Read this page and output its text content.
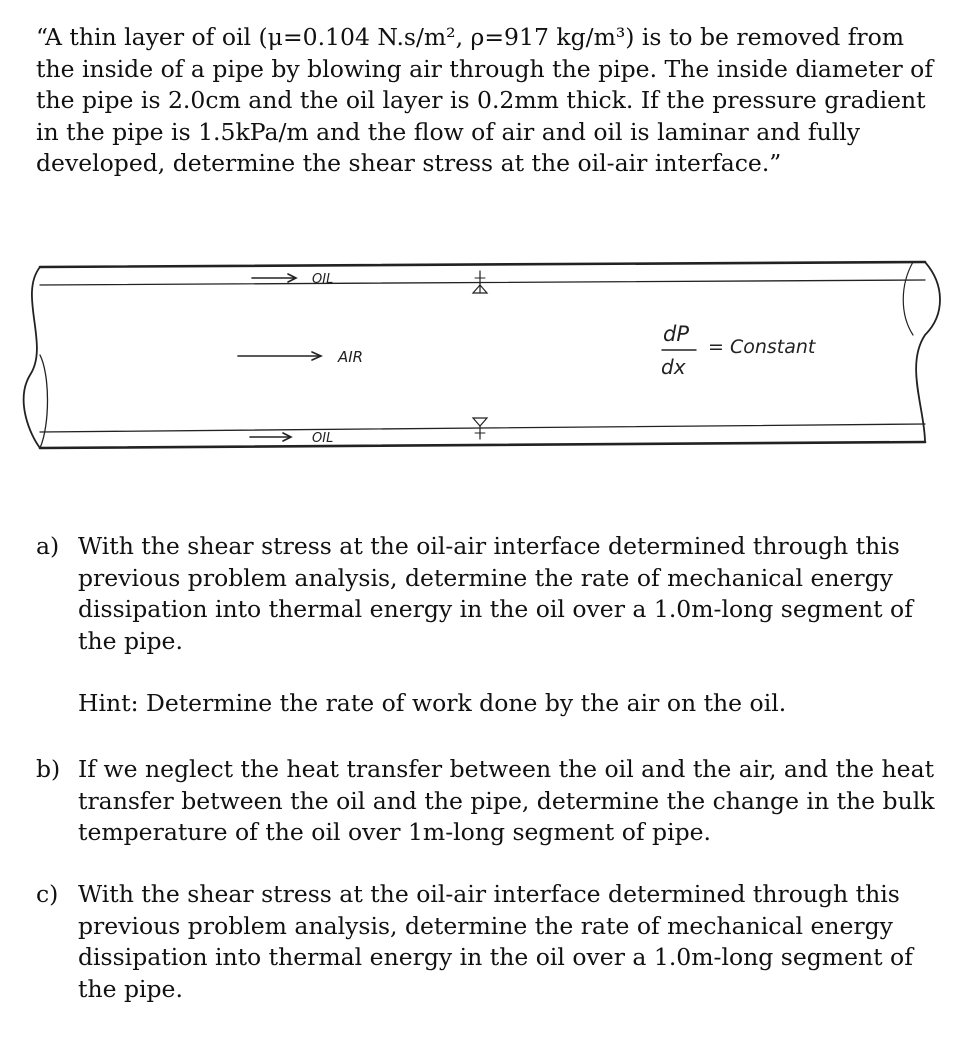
“A thin layer of oil (μ=0.104 N.s/m², ρ=917 kg/m³) is to be removed from the inside of a pipe by blowing air through the pipe. The inside diameter of the pipe is 2.0cm and the oil layer is 0.2mm thick. If the pressure gradient in the pipe is 1.5kPa/m and the flow of air and oil is laminar and fully developed, determine the shear stress at the oil-air interface.”

OIL
AIR
OIL
dP
dx
= Constant
a) With the shear stress at the oil-air interface determined through this previous problem analysis, determine the rate of mechanical energy dissipation into thermal energy in the oil over a 1.0m-long segment of the pipe.
Hint: Determine the rate of work done by the air on the oil.
b) If we neglect the heat transfer between the oil and the air, and the heat transfer between the oil and the pipe, determine the change in the bulk temperature of the oil over 1m-long segment of pipe.
c) With the shear stress at the oil-air interface determined through this previous problem analysis, determine the rate of mechanical energy dissipation into thermal energy in the oil over a 1.0m-long segment of the pipe.
